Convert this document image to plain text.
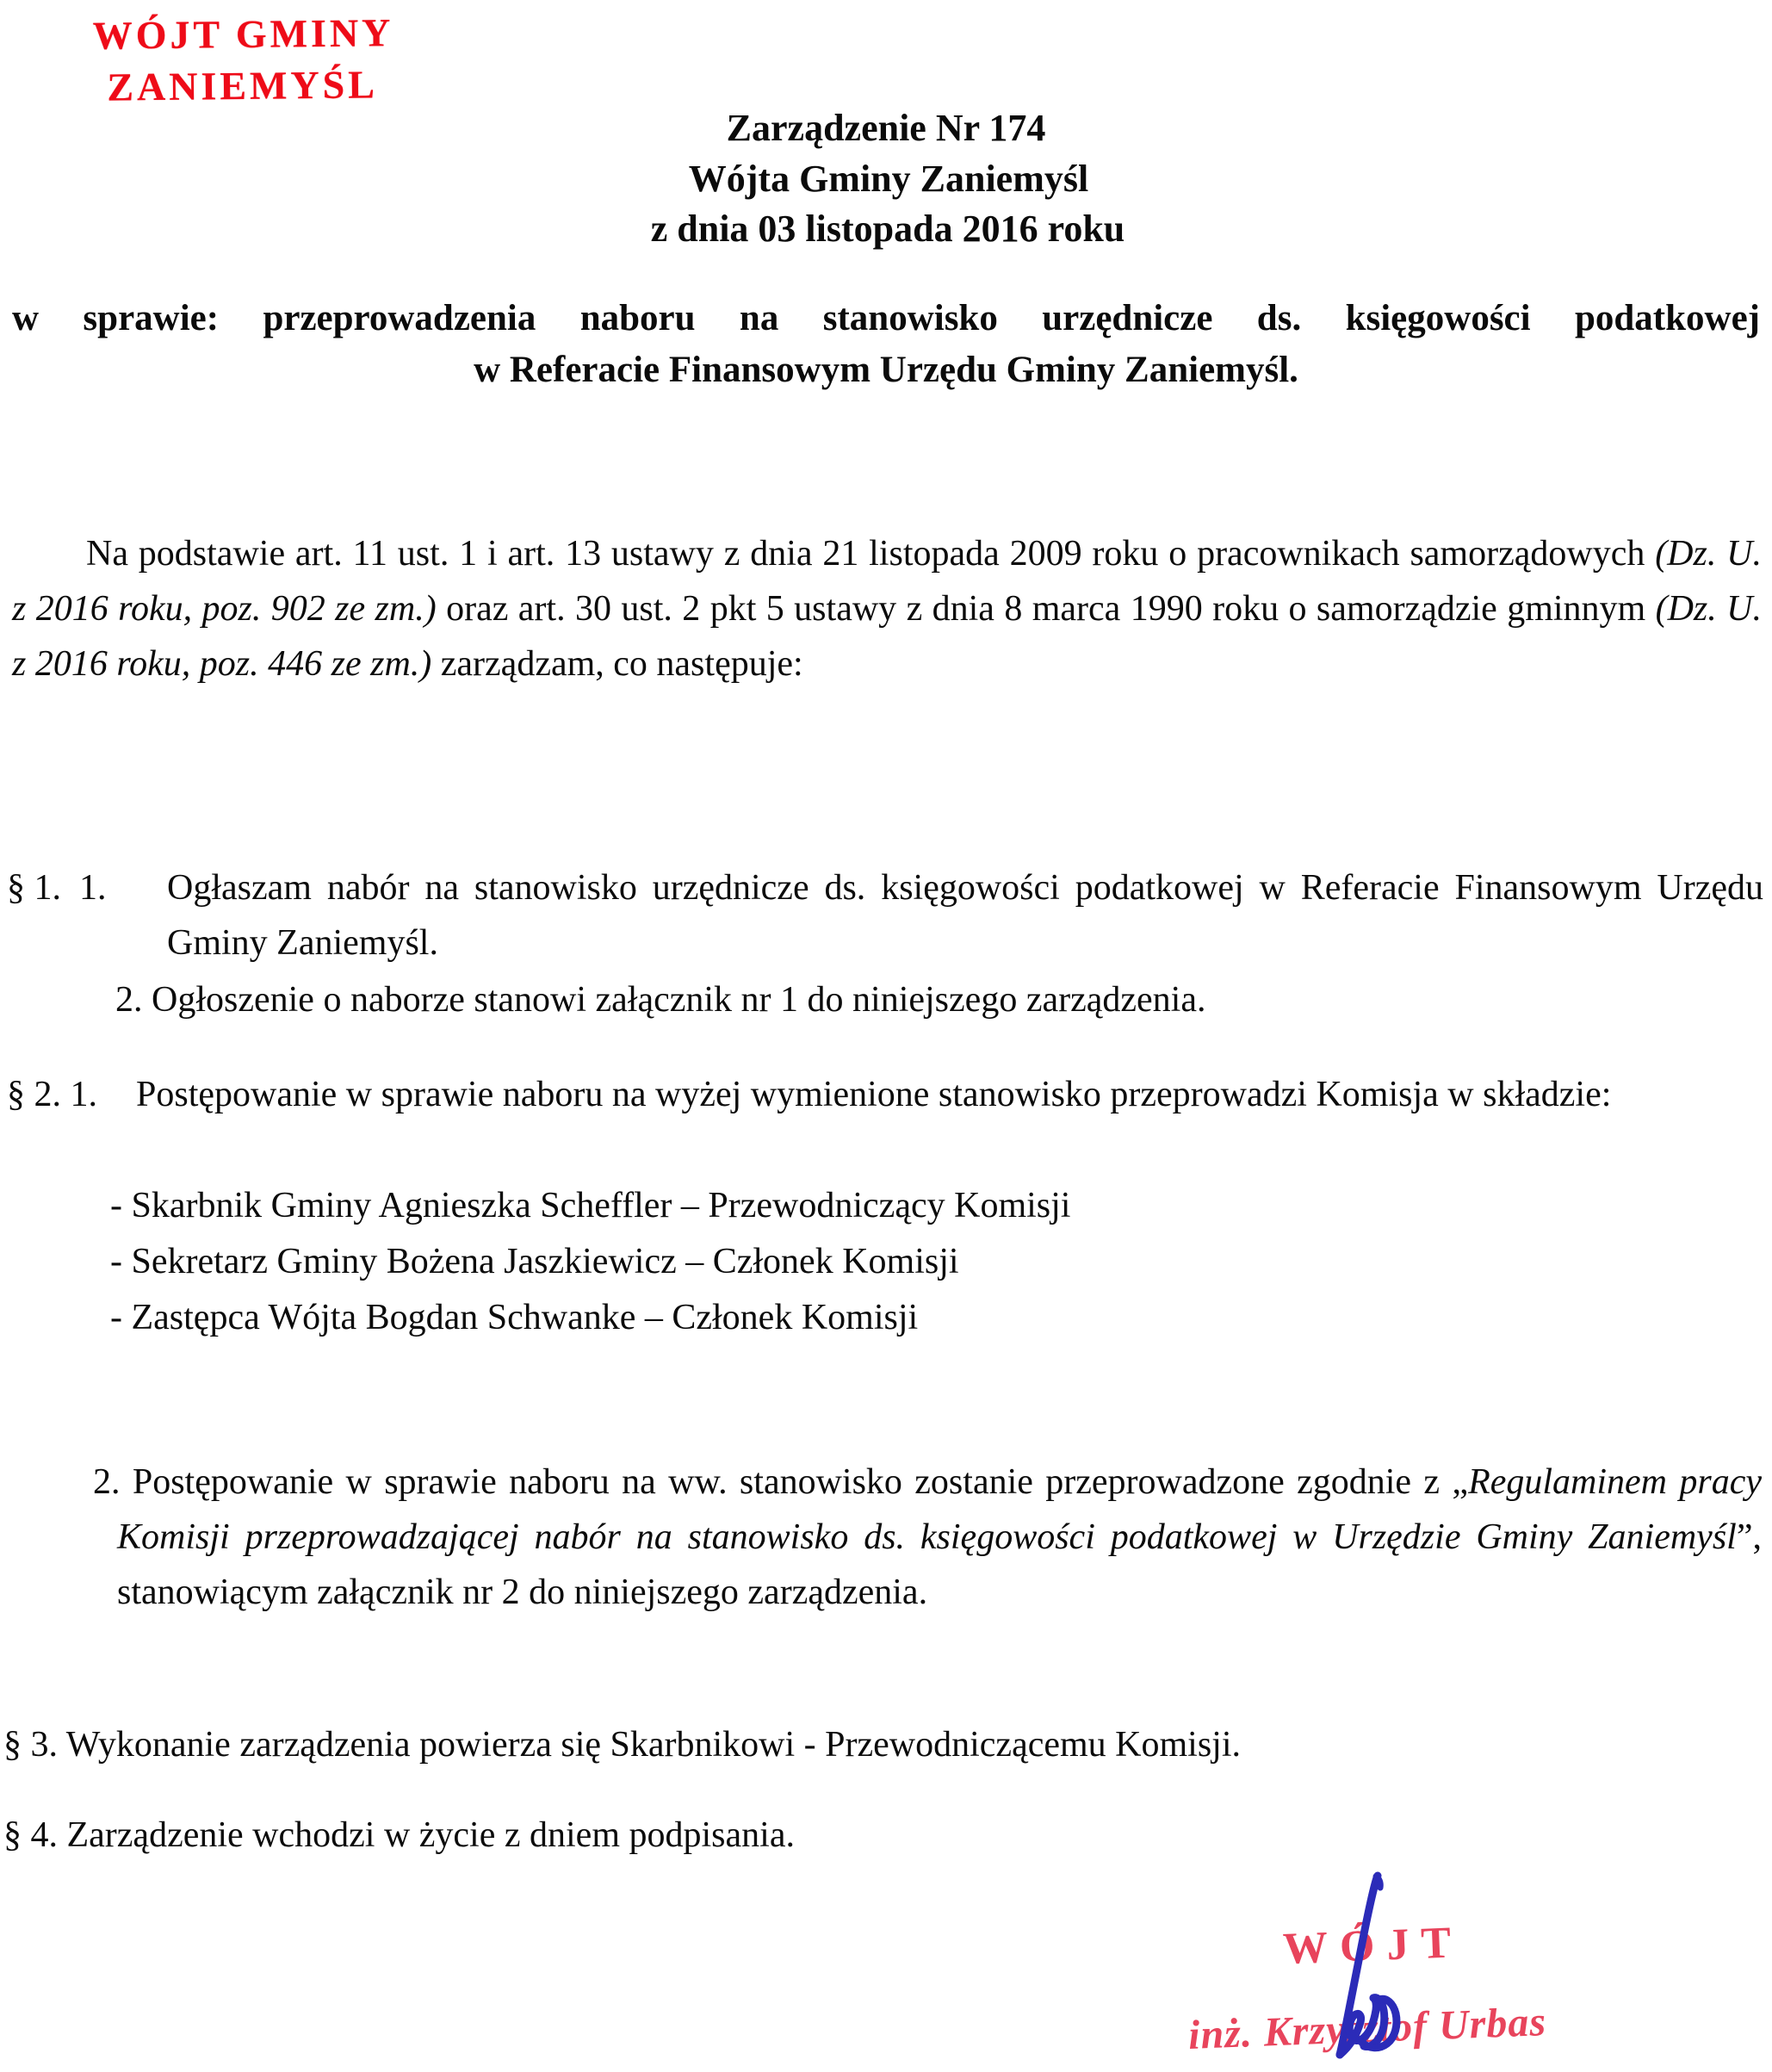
WÓJT GMINY
ZANIEMYŚL
Zarządzenie Nr 174
Wójta Gminy Zaniemyśl
z dnia 03 listopada 2016 roku
w sprawie: przeprowadzenia naboru na stanowisko urzędnicze ds. księgowości podatkowej
w Referacie Finansowym Urzędu Gminy Zaniemyśl.
Na podstawie art. 11 ust. 1 i art. 13 ustawy z dnia 21 listopada 2009 roku o pracownikach samorządowych (Dz. U. z 2016 roku, poz. 902 ze zm.) oraz art. 30 ust. 2 pkt 5 ustawy z dnia 8 marca 1990 roku o samorządzie gminnym (Dz. U. z 2016 roku, poz. 446 ze zm.) zarządzam, co następuje:
§ 1.  1.	Ogłaszam nabór na stanowisko urzędnicze ds. księgowości podatkowej w Referacie Finansowym Urzędu Gminy Zaniemyśl.
2. Ogłoszenie o naborze stanowi załącznik nr 1 do niniejszego zarządzenia.
§ 2. 1.	Postępowanie w sprawie naboru na wyżej wymienione stanowisko przeprowadzi Komisja w składzie:
- Skarbnik Gminy Agnieszka Scheffler – Przewodniczący Komisji
- Sekretarz Gminy Bożena Jaszkiewicz – Członek Komisji
- Zastępca Wójta Bogdan Schwanke – Członek Komisji
2. Postępowanie w sprawie naboru na ww. stanowisko zostanie przeprowadzone zgodnie z „Regulaminem pracy Komisji przeprowadzającej nabór na stanowisko ds. księgowości podatkowej w Urzędzie Gminy Zaniemyśl”, stanowiącym załącznik nr 2 do niniejszego zarządzenia.
§ 3. Wykonanie zarządzenia powierza się Skarbnikowi - Przewodniczącemu Komisji.
§ 4. Zarządzenie wchodzi w życie z dniem podpisania.
WÓJT
inż. Krzysztof Urbas
